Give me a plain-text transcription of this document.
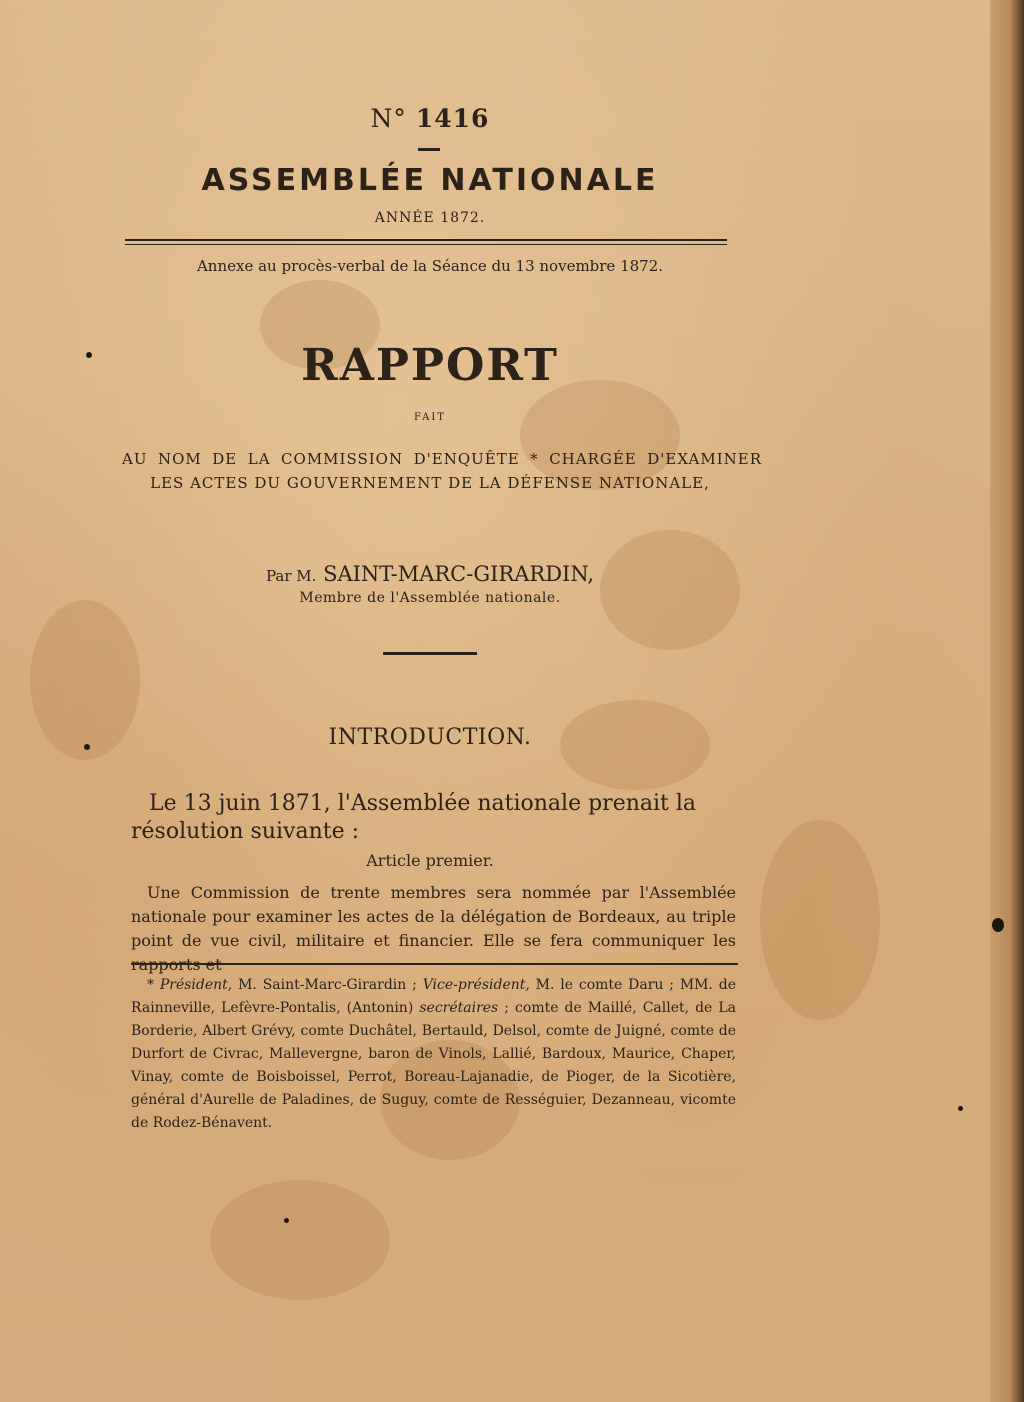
N° 1416
ASSEMBLÉE NATIONALE
ANNÉE 1872.
Annexe au procès-verbal de la Séance du 13 novembre 1872.
RAPPORT
FAIT
AU NOM DE LA COMMISSION D'ENQUÊTE * CHARGÉE D'EXAMINER
LES ACTES DU GOUVERNEMENT DE LA DÉFENSE NATIONALE,
Par M. SAINT-MARC-GIRARDIN,
Membre de l'Assemblée nationale.
INTRODUCTION.

Le 13 juin 1871, l'Assemblée nationale prenait la résolution suivante :

Article premier.

Une Commission de trente membres sera nommée par l'Assemblée nationale pour examiner les actes de la délégation de Bordeaux, au triple point de vue civil, militaire et financier. Elle se fera communiquer les

* Président, M. Saint-Marc-Girardin ; Vice-président, M. le comte Daru ; MM. de Rainneville, Lefèvre-Pontalis, (Antonin) secrétaires ; comte de Maillé, Callet, de La Borderie, Albert Grévy, comte Duchâtel, Bertauld, Delsol, comte de Juigné, comte de Durfort de Civrac, Mallevergne, baron de Vinols, Lallié, Bardoux, Maurice, Chaper, Vinay, comte de Boisboissel, Perrot, Boreau-Lajanadie, de Pioger, de la Sicotière, général d'Aurelle de Paladines, de Suguy, comte de Rességuier, Dezanneau, vicomte de Rodez-Bénavent.
